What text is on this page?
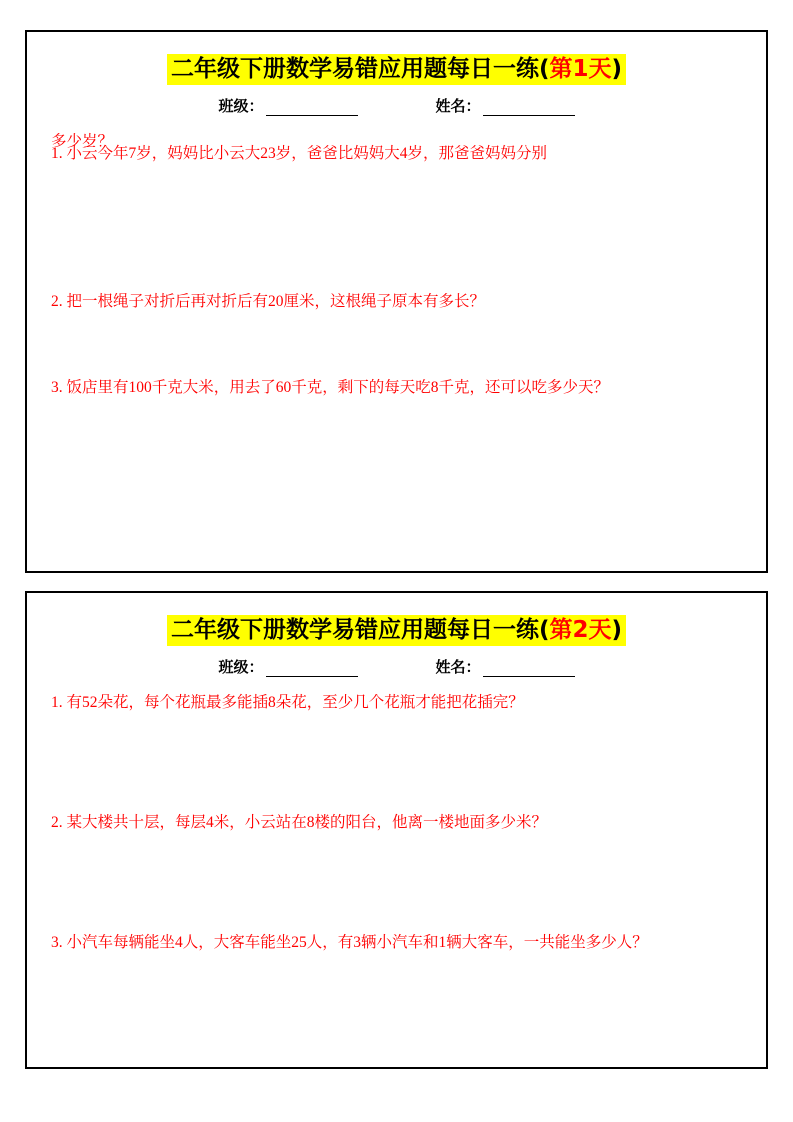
二年级下册数学易错应用题每日一练(第1天)
班级：	姓名：
1. 小云今年7岁，妈妈比小云大23岁，爸爸比妈妈大4岁，那爸爸妈妈分别
多少岁？
2. 把一根绳子对折后再对折后有20厘米，这根绳子原本有多长？
3. 饭店里有100千克大米，用去了60千克，剩下的每天吃8千克，还可以吃多少天？
二年级下册数学易错应用题每日一练(第2天)
班级：	姓名：
1. 有52朵花，每个花瓶最多能插8朵花，至少几个花瓶才能把花插完？
2. 某大楼共十层，每层4米，小云站在8楼的阳台，他离一楼地面多少米？
3. 小汽车每辆能坐4人，大客车能坐25人，有3辆小汽车和1辆大客车，一共能坐多少人？
